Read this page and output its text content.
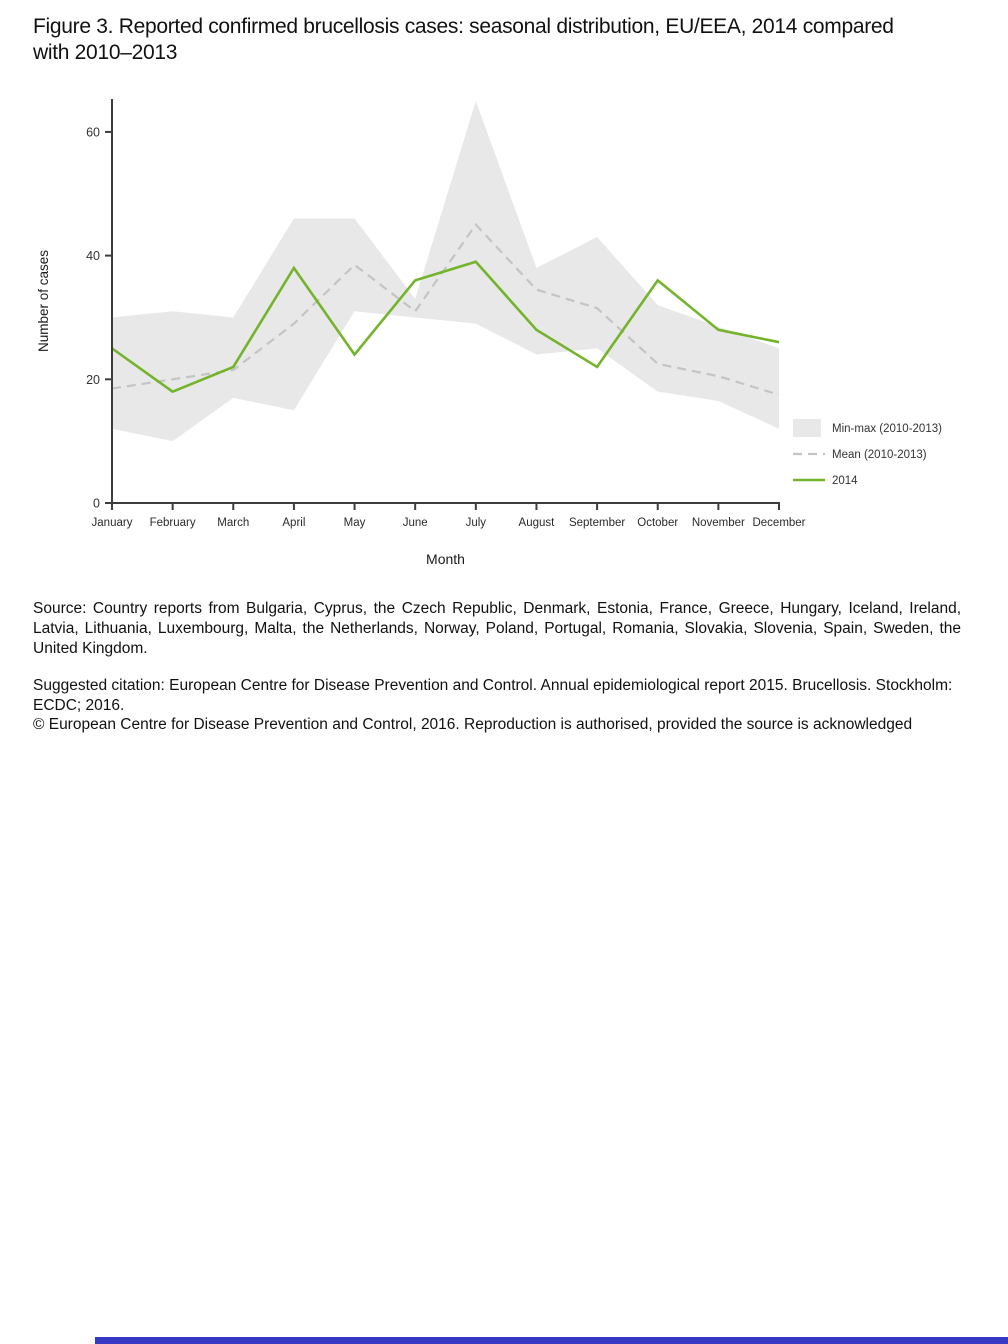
Figure 3. Reported confirmed brucellosis cases: seasonal distribution, EU/EEA, 2014 compared with 2010–2013
0
20
40
60
January February March	April	May	June	July	August September October November December
Month
Number of cases
Min-max (2010-2013)
Mean (2010-2013)
2014

Source: Country reports from Bulgaria, Cyprus, the Czech Republic, Denmark, Estonia, France, Greece, Hungary, Iceland, Ireland, Latvia, Lithuania, Luxembourg, Malta, the Netherlands, Norway, Poland, Portugal, Romania, Slovakia, Slovenia, Spain, Sweden, the United Kingdom.

Suggested citation: European Centre for Disease Prevention and Control. Annual epidemiological report 2015. Brucellosis. Stockholm: ECDC; 2016.

© European Centre for Disease Prevention and Control, 2016. Reproduction is authorised, provided the source is acknowledged
